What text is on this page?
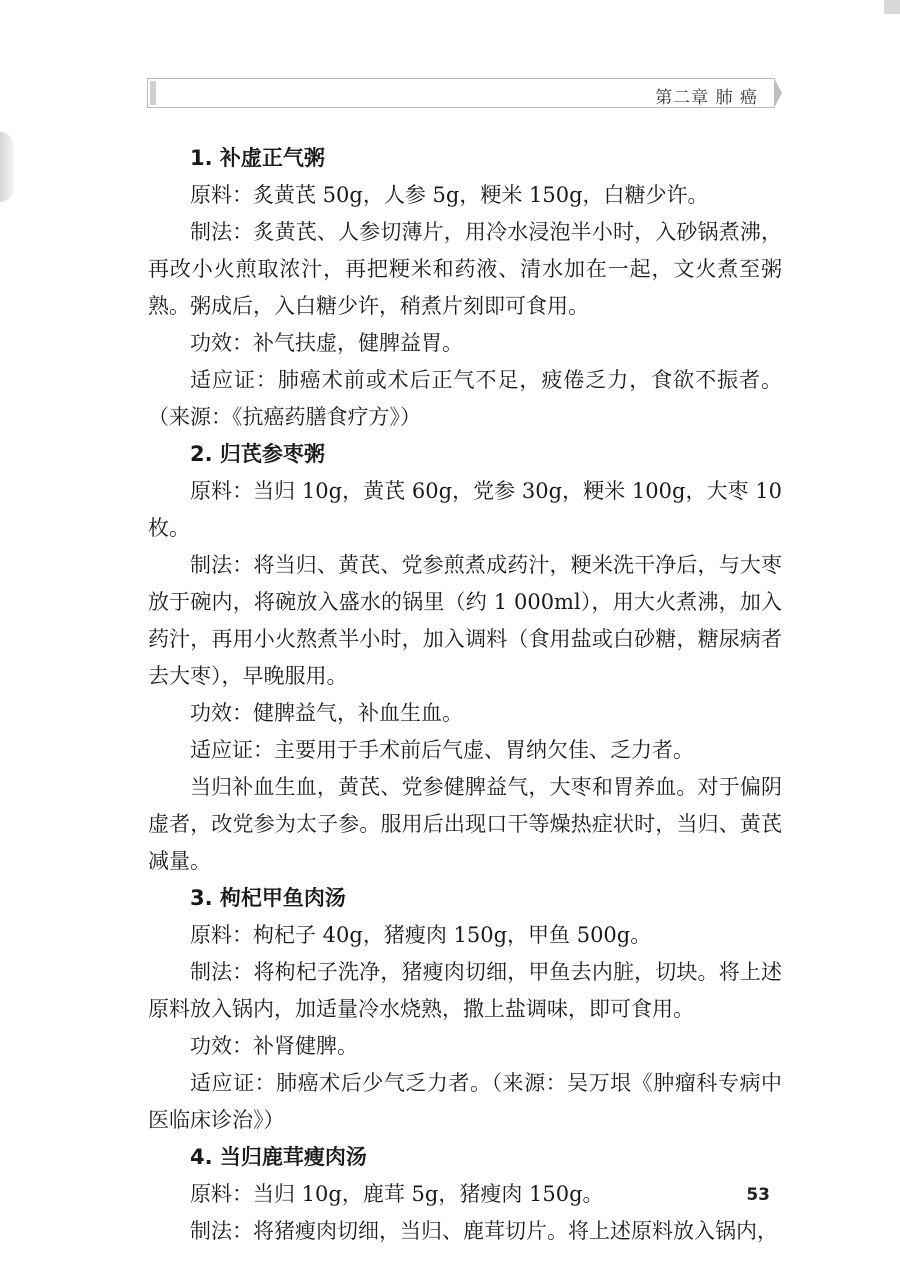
第二章 肺 癌

1. 补虚正气粥

原料：炙黄芪 50g，人参 5g，粳米 150g，白糖少许。

制法：炙黄芪、人参切薄片，用冷水浸泡半小时，入砂锅煮沸，再改小火煎取浓汁，再把粳米和药液、清水加在一起，文火煮至粥熟。粥成后，入白糖少许，稍煮片刻即可食用。

功效：补气扶虚，健脾益胃。

适应证：肺癌术前或术后正气不足，疲倦乏力，食欲不振者。（来源：《抗癌药膳食疗方》）

2. 归芪参枣粥

原料：当归 10g，黄芪 60g，党参 30g，粳米 100g，大枣 10 枚。

制法：将当归、黄芪、党参煎煮成药汁，粳米洗干净后，与大枣放于碗内，将碗放入盛水的锅里（约 1 000ml），用大火煮沸，加入药汁，再用小火熬煮半小时，加入调料（食用盐或白砂糖，糖尿病者去大枣），早晚服用。

功效：健脾益气，补血生血。

适应证：主要用于手术前后气虚、胃纳欠佳、乏力者。

当归补血生血，黄芪、党参健脾益气，大枣和胃养血。对于偏阴虚者，改党参为太子参。服用后出现口干等燥热症状时，当归、黄芪减量。

3. 枸杞甲鱼肉汤

原料：枸杞子 40g，猪瘦肉 150g，甲鱼 500g。

制法：将枸杞子洗净，猪瘦肉切细，甲鱼去内脏，切块。将上述原料放入锅内，加适量冷水烧熟，撒上盐调味，即可食用。

功效：补肾健脾。

适应证：肺癌术后少气乏力者。（来源：吴万垠《肿瘤科专病中医临床诊治》）

4. 当归鹿茸瘦肉汤

原料：当归 10g，鹿茸 5g，猪瘦肉 150g。

制法：将猪瘦肉切细，当归、鹿茸切片。将上述原料放入锅内，

53
